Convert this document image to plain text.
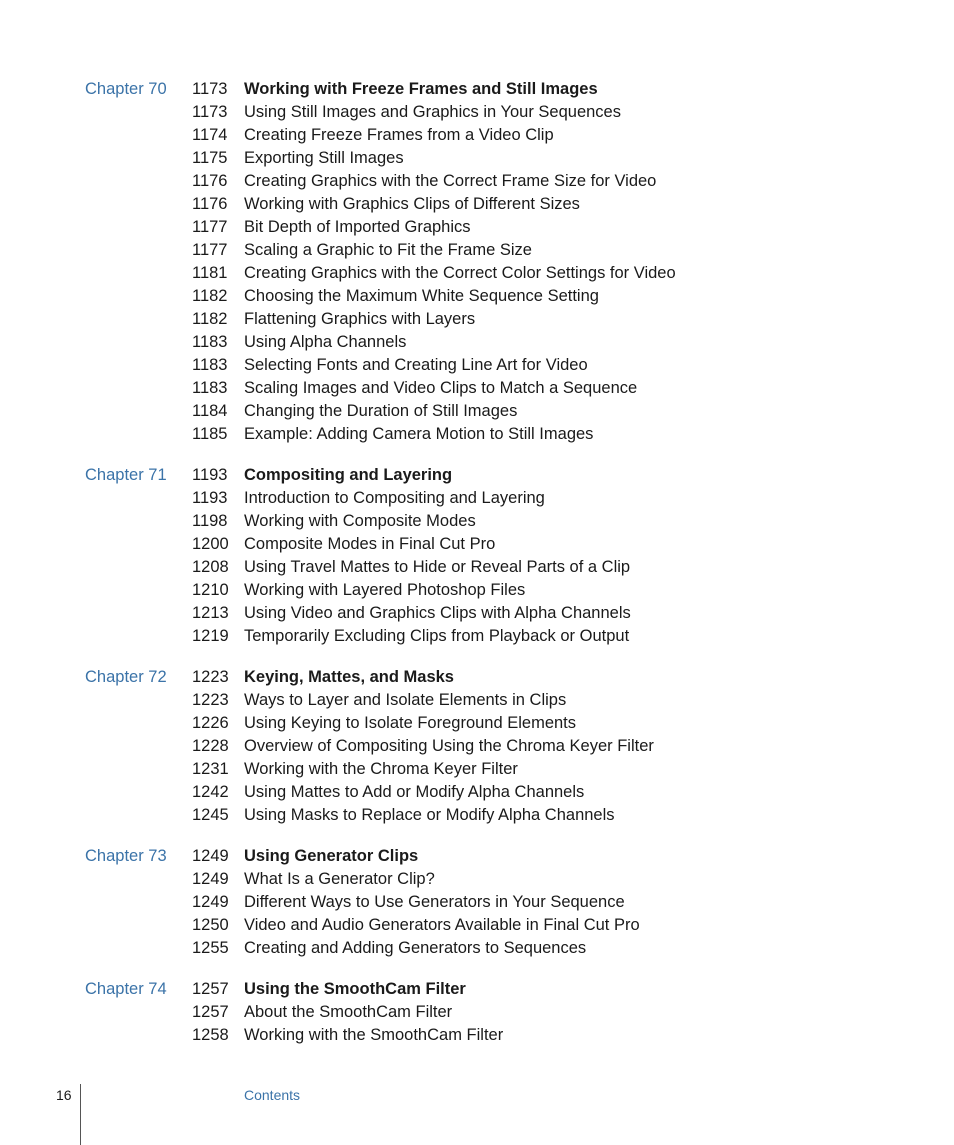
Chapter 70 1173 Working with Freeze Frames and Still Images
1173 Using Still Images and Graphics in Your Sequences
1174 Creating Freeze Frames from a Video Clip
1175 Exporting Still Images
1176 Creating Graphics with the Correct Frame Size for Video
1176 Working with Graphics Clips of Different Sizes
1177 Bit Depth of Imported Graphics
1177 Scaling a Graphic to Fit the Frame Size
1181 Creating Graphics with the Correct Color Settings for Video
1182 Choosing the Maximum White Sequence Setting
1182 Flattening Graphics with Layers
1183 Using Alpha Channels
1183 Selecting Fonts and Creating Line Art for Video
1183 Scaling Images and Video Clips to Match a Sequence
1184 Changing the Duration of Still Images
1185 Example: Adding Camera Motion to Still Images
Chapter 71 1193 Compositing and Layering
1193 Introduction to Compositing and Layering
1198 Working with Composite Modes
1200 Composite Modes in Final Cut Pro
1208 Using Travel Mattes to Hide or Reveal Parts of a Clip
1210 Working with Layered Photoshop Files
1213 Using Video and Graphics Clips with Alpha Channels
1219 Temporarily Excluding Clips from Playback or Output
Chapter 72 1223 Keying, Mattes, and Masks
1223 Ways to Layer and Isolate Elements in Clips
1226 Using Keying to Isolate Foreground Elements
1228 Overview of Compositing Using the Chroma Keyer Filter
1231 Working with the Chroma Keyer Filter
1242 Using Mattes to Add or Modify Alpha Channels
1245 Using Masks to Replace or Modify Alpha Channels
Chapter 73 1249 Using Generator Clips
1249 What Is a Generator Clip?
1249 Different Ways to Use Generators in Your Sequence
1250 Video and Audio Generators Available in Final Cut Pro
1255 Creating and Adding Generators to Sequences
Chapter 74 1257 Using the SmoothCam Filter
1257 About the SmoothCam Filter
1258 Working with the SmoothCam Filter
16	Contents
